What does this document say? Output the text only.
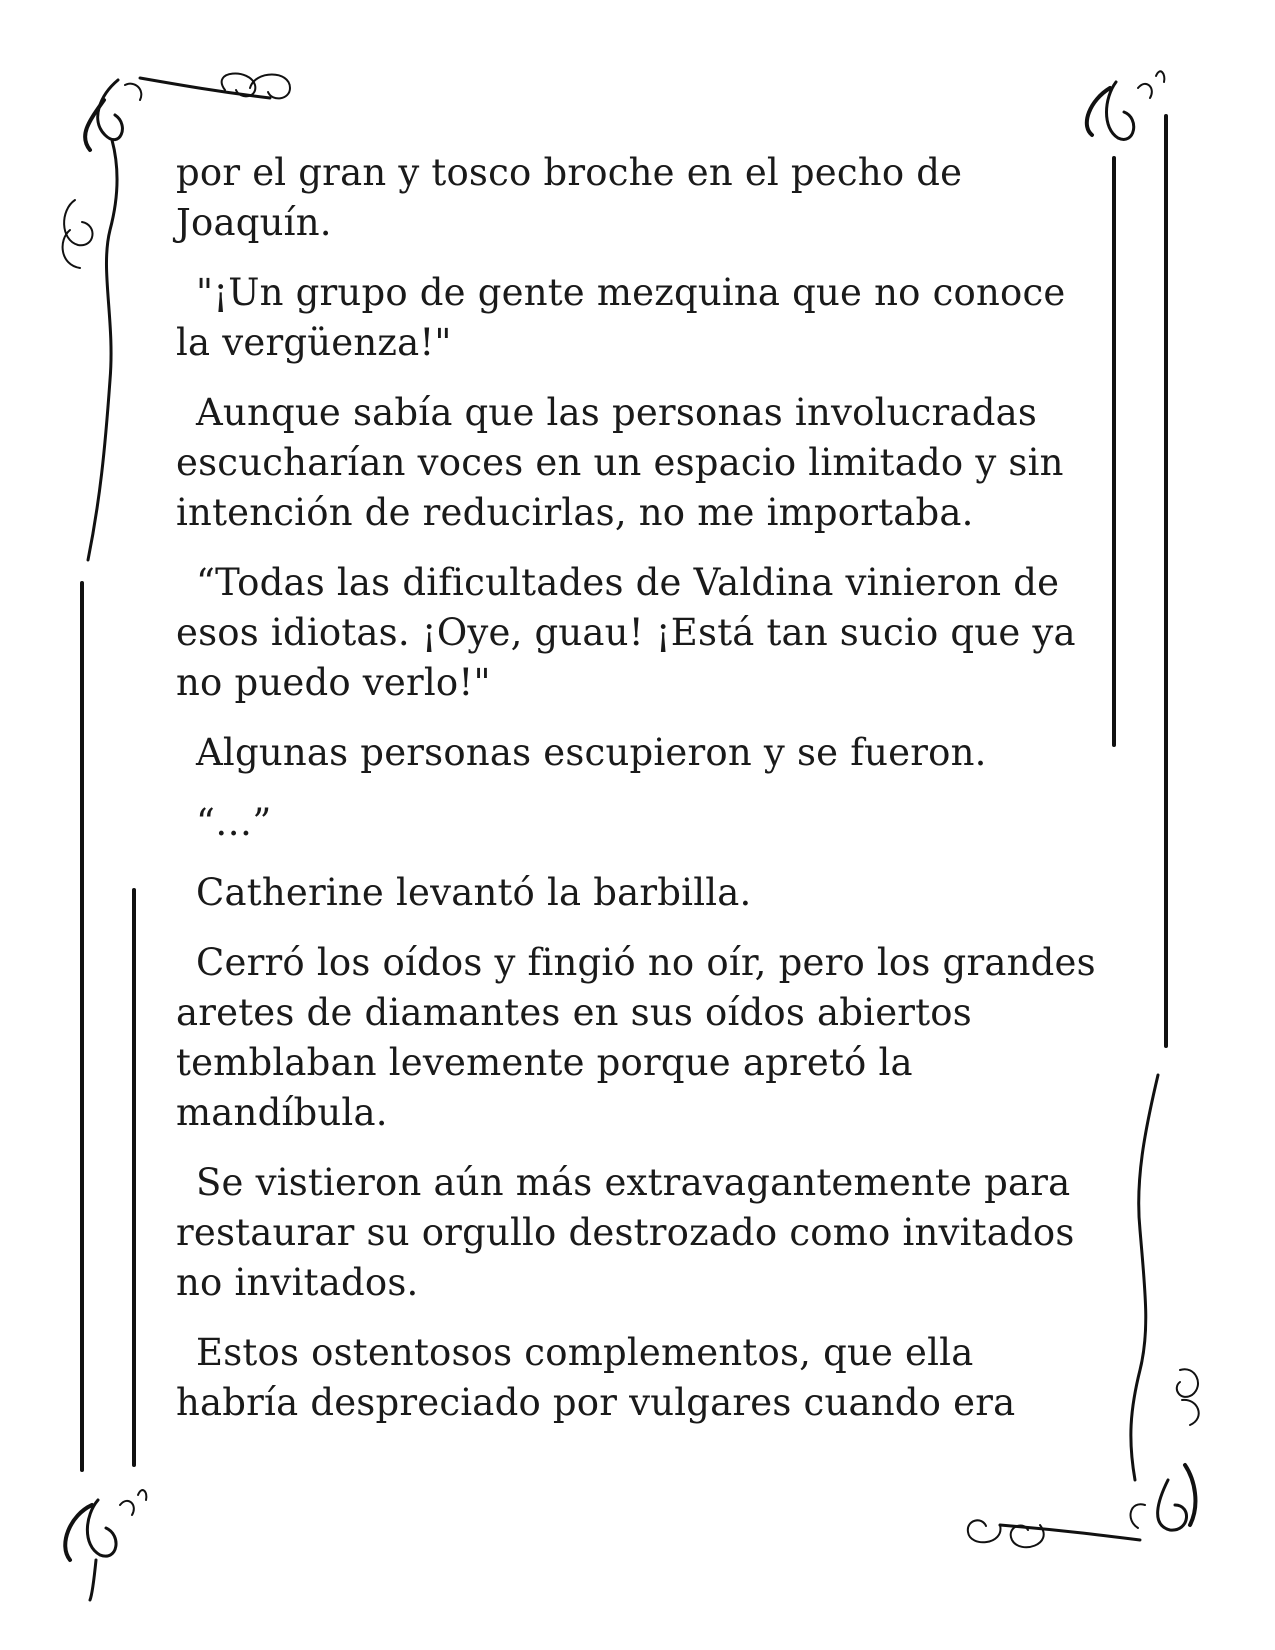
por el gran y tosco broche en el pecho de Joaquín.

"¡Un grupo de gente mezquina que no conoce la vergüenza!"

Aunque sabía que las personas involucradas escucharían voces en un espacio limitado y sin intención de reducirlas, no me importaba.

“Todas las dificultades de Valdina vinieron de esos idiotas. ¡Oye, guau! ¡Está tan sucio que ya no puedo verlo!"

Algunas personas escupieron y se fueron.

“…”

Catherine levantó la barbilla.

Cerró los oídos y fingió no oír, pero los grandes aretes de diamantes en sus oídos abiertos temblaban levemente porque apretó la mandíbula.

Se vistieron aún más extravagantemente para restaurar su orgullo destrozado como invitados no invitados.

Estos ostentosos complementos, que ella habría despreciado por vulgares cuando era
